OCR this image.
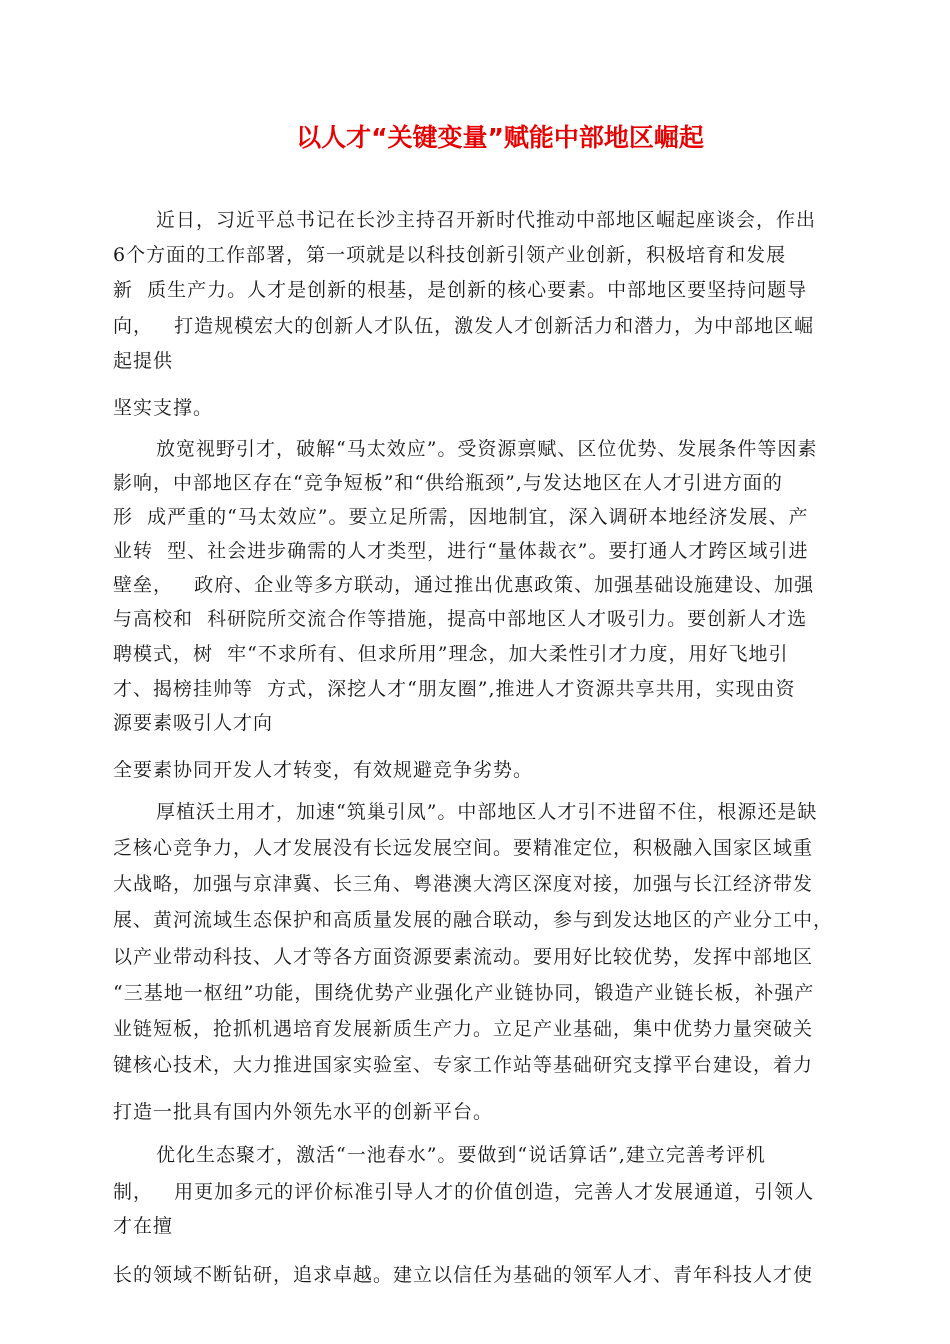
以人才“关键变量”赋能中部地区崛起

近日，习近平总书记在长沙主持召开新时代推动中部地区崛起座谈会，作出

6个方面的工作部署，第一项就是以科技创新引领产业创新，积极培育和发展

新  质生产力。人才是创新的根基，是创新的核心要素。中部地区要坚持问题导

向，   打造规模宏大的创新人才队伍，激发人才创新活力和潜力，为中部地区崛

起提供

坚实支撑。

放宽视野引才，破解“马太效应”。受资源禀赋、区位优势、发展条件等因素

影响，中部地区存在“竞争短板”和“供给瓶颈”,与发达地区在人才引进方面的

形  成严重的“马太效应”。要立足所需，因地制宜，深入调研本地经济发展、产

业转  型、社会进步确需的人才类型，进行“量体裁衣”。要打通人才跨区域引进

壁垒，   政府、企业等多方联动，通过推出优惠政策、加强基础设施建设、加强

与高校和  科研院所交流合作等措施，提高中部地区人才吸引力。要创新人才选

聘模式，树  牢“不求所有、但求所用”理念，加大柔性引才力度，用好飞地引

才、揭榜挂帅等  方式，深挖人才“朋友圈”,推进人才资源共享共用，实现由资

源要素吸引人才向

全要素协同开发人才转变，有效规避竞争劣势。

厚植沃土用才，加速“筑巢引凤”。中部地区人才引不进留不住，根源还是缺

乏核心竞争力，人才发展没有长远发展空间。要精准定位，积极融入国家区域重

大战略，加强与京津冀、长三角、粤港澳大湾区深度对接，加强与长江经济带发

展、黄河流域生态保护和高质量发展的融合联动，参与到发达地区的产业分工中，

以产业带动科技、人才等各方面资源要素流动。要用好比较优势，发挥中部地区

“三基地一枢纽”功能，围绕优势产业强化产业链协同，锻造产业链长板，补强产

业链短板，抢抓机遇培育发展新质生产力。立足产业基础，集中优势力量突破关

键核心技术，大力推进国家实验室、专家工作站等基础研究支撑平台建设，着力

打造一批具有国内外领先水平的创新平台。

优化生态聚才，激活“一池春水”。要做到“说话算话”,建立完善考评机

制，   用更加多元的评价标准引导人才的价值创造，完善人才发展通道，引领人

才在擅

长的领域不断钻研，追求卓越。建立以信任为基础的领军人才、青年科技人才使
